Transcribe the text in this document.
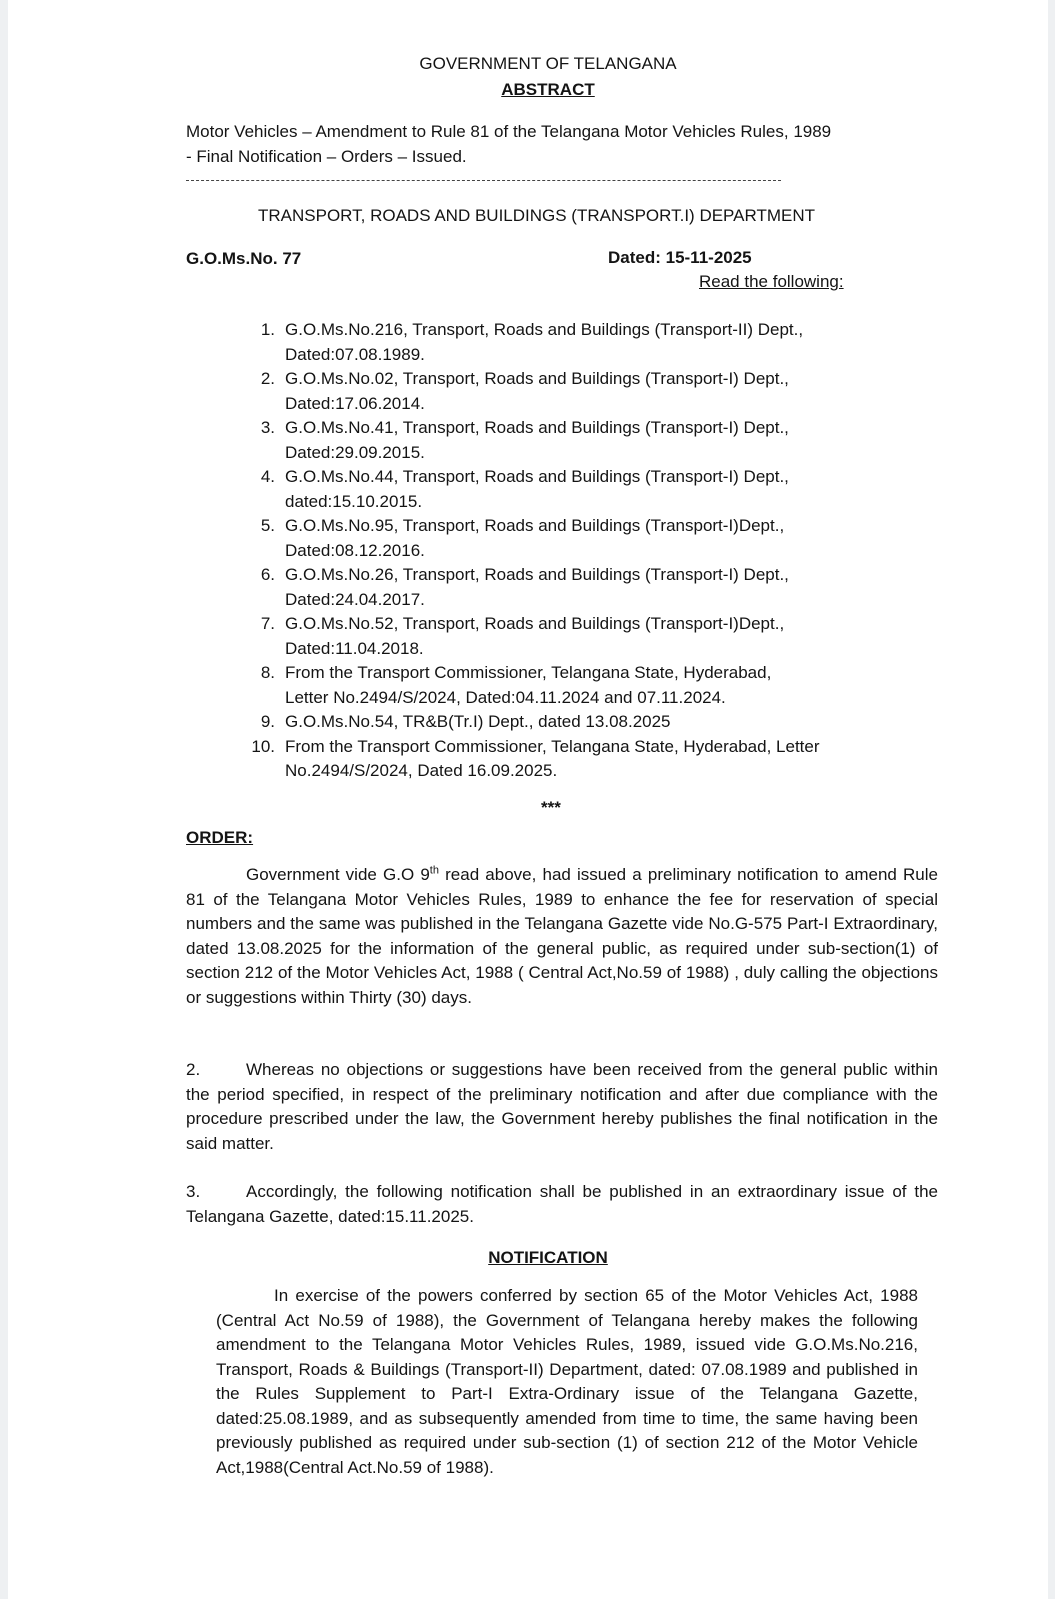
GOVERNMENT OF TELANGANA

ABSTRACT

Motor Vehicles – Amendment to Rule 81 of the Telangana Motor Vehicles Rules, 1989
- Final Notification – Orders – Issued.

TRANSPORT, ROADS AND BUILDINGS (TRANSPORT.I) DEPARTMENT

G.O.Ms.No. 77	Dated: 15-11-2025

Read the following:

1. G.O.Ms.No.216, Transport, Roads and Buildings (Transport-II) Dept.,
Dated:07.08.1989.
2. G.O.Ms.No.02, Transport, Roads and Buildings (Transport-I) Dept.,
Dated:17.06.2014.
3. G.O.Ms.No.41, Transport, Roads and Buildings (Transport-I) Dept.,
Dated:29.09.2015.
4. G.O.Ms.No.44, Transport, Roads and Buildings (Transport-I) Dept.,
dated:15.10.2015.
5. G.O.Ms.No.95, Transport, Roads and Buildings (Transport-I)Dept.,
Dated:08.12.2016.
6. G.O.Ms.No.26, Transport, Roads and Buildings (Transport-I) Dept.,
Dated:24.04.2017.
7. G.O.Ms.No.52, Transport, Roads and Buildings (Transport-I)Dept.,
Dated:11.04.2018.
8. From the Transport Commissioner, Telangana State, Hyderabad,
Letter No.2494/S/2024, Dated:04.11.2024 and 07.11.2024.
9. G.O.Ms.No.54, TR&B(Tr.I) Dept., dated 13.08.2025
10. From the Transport Commissioner, Telangana State, Hyderabad, Letter
No.2494/S/2024, Dated 16.09.2025.

***

ORDER:

Government vide G.O 9th read above, had issued a preliminary notification to amend Rule 81 of the Telangana Motor Vehicles Rules, 1989 to enhance the fee for reservation of special numbers and the same was published in the Telangana Gazette vide No.G-575 Part-I Extraordinary, dated 13.08.2025 for the information of the general public, as required under sub-section(1) of section 212 of the Motor Vehicles Act, 1988 ( Central Act,No.59 of 1988) , duly calling the objections or suggestions within Thirty (30) days.

2.	Whereas no objections or suggestions have been received from the general public within the period specified, in respect of the preliminary notification and after due compliance with the procedure prescribed under the law, the Government hereby publishes the final notification in the said matter.

3.	Accordingly, the following notification shall be published in an extraordinary issue of the Telangana Gazette, dated:15.11.2025.

NOTIFICATION

In exercise of the powers conferred by section 65 of the Motor Vehicles Act, 1988 (Central Act No.59 of 1988), the Government of Telangana hereby makes the following amendment to the Telangana Motor Vehicles Rules, 1989, issued vide G.O.Ms.No.216, Transport, Roads & Buildings (Transport-II) Department, dated: 07.08.1989 and published in the Rules Supplement to Part-I Extra-Ordinary issue of the Telangana Gazette, dated:25.08.1989, and as subsequently amended from time to time, the same having been previously published as required under sub-section (1) of section 212 of the Motor Vehicle Act,1988(Central Act.No.59 of 1988).
